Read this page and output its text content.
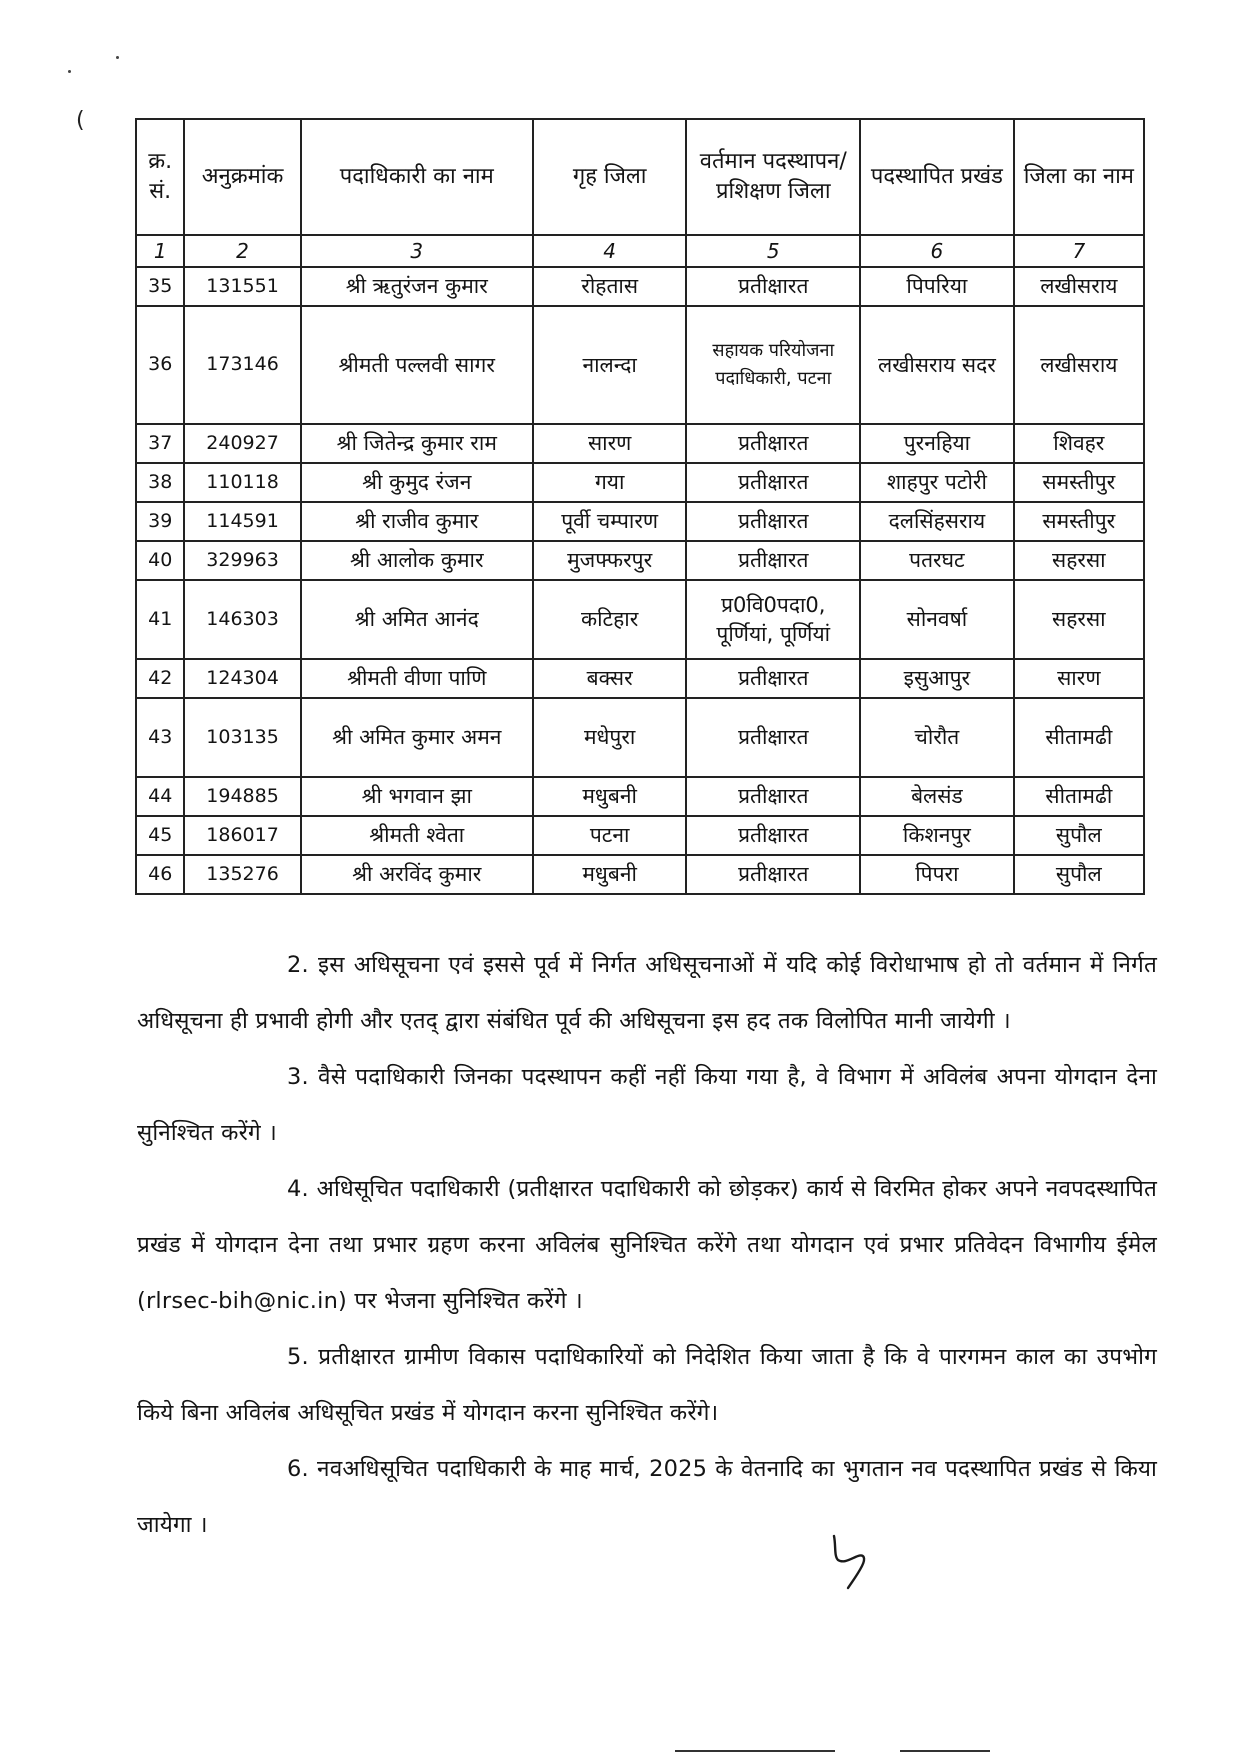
(
क्र. सं.	अनुक्रमांक	पदाधिकारी का नाम	गृह जिला	वर्तमान पदस्थापन/ प्रशिक्षण जिला	पदस्थापित प्रखंड	जिला का नाम
1	2	3	4	5	6	7
35	131551	श्री ऋतुरंजन कुमार	रोहतास	प्रतीक्षारत	पिपरिया	लखीसराय
36	173146	श्रीमती पल्लवी सागर	नालन्दा	सहायक परियोजना पदाधिकारी, पटना	लखीसराय सदर	लखीसराय
37	240927	श्री जितेन्द्र कुमार राम	सारण	प्रतीक्षारत	पुरनहिया	शिवहर
38	110118	श्री कुमुद रंजन	गया	प्रतीक्षारत	शाहपुर पटोरी	समस्तीपुर
39	114591	श्री राजीव कुमार	पूर्वी चम्पारण	प्रतीक्षारत	दलसिंहसराय	समस्तीपुर
40	329963	श्री आलोक कुमार	मुजफ्फरपुर	प्रतीक्षारत	पतरघट	सहरसा
41	146303	श्री अमित आनंद	कटिहार	प्र0वि0पदा0, पूर्णियां, पूर्णियां	सोनवर्षा	सहरसा
42	124304	श्रीमती वीणा पाणि	बक्सर	प्रतीक्षारत	इसुआपुर	सारण
43	103135	श्री अमित कुमार अमन	मधेपुरा	प्रतीक्षारत	चोरौत	सीतामढी
44	194885	श्री भगवान झा	मधुबनी	प्रतीक्षारत	बेलसंड	सीतामढी
45	186017	श्रीमती श्वेता	पटना	प्रतीक्षारत	किशनपुर	सुपौल
46	135276	श्री अरविंद कुमार	मधुबनी	प्रतीक्षारत	पिपरा	सुपौल

2. इस अधिसूचना एवं इससे पूर्व में निर्गत अधिसूचनाओं में यदि कोई विरोधाभाष हो तो वर्तमान में निर्गत अधिसूचना ही प्रभावी होगी और एतद् द्वारा संबंधित पूर्व की अधिसूचना इस हद तक विलोपित मानी जायेगी ।

3. वैसे पदाधिकारी जिनका पदस्थापन कहीं नहीं किया गया है, वे विभाग में अविलंब अपना योगदान देना सुनिश्चित करेंगे ।

4. अधिसूचित पदाधिकारी (प्रतीक्षारत पदाधिकारी को छोड़कर) कार्य से विरमित होकर अपने नवपदस्थापित प्रखंड में योगदान देना तथा प्रभार ग्रहण करना अविलंब सुनिश्चित करेंगे तथा योगदान एवं प्रभार प्रतिवेदन विभागीय ईमेल (rlrsec-bih@nic.in) पर भेजना सुनिश्चित करेंगे ।

5. प्रतीक्षारत ग्रामीण विकास पदाधिकारियों को निदेशित किया जाता है कि वे पारगमन काल का उपभोग किये बिना अविलंब अधिसूचित प्रखंड में योगदान करना सुनिश्चित करेंगे।

6. नवअधिसूचित पदाधिकारी के माह मार्च, 2025 के वेतनादि का भुगतान नव पदस्थापित प्रखंड से किया जायेगा ।
